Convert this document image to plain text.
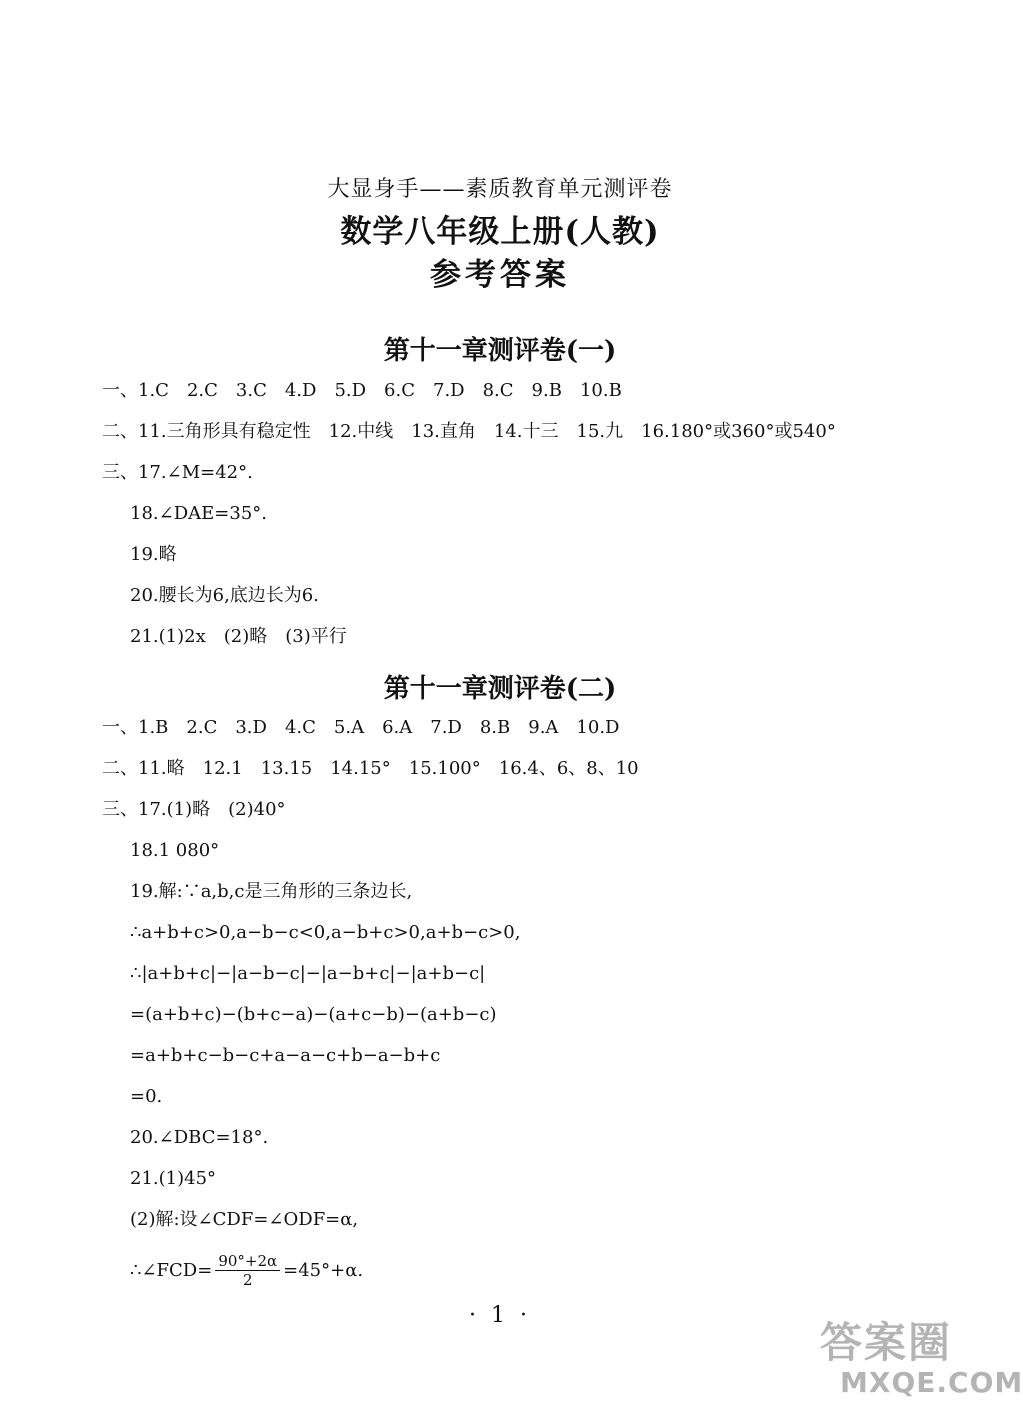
大显身手——素质教育单元测评卷
数学八年级上册(人教)
参考答案
第十一章测评卷(一)
一、1.C　2.C　3.C　4.D　5.D　6.C　7.D　8.C　9.B　10.B
二、11.三角形具有稳定性　12.中线　13.直角　14.十三　15.九　16.180°或360°或540°
三、17.∠M=42°.
18.∠DAE=35°.
19.略
20.腰长为6,底边长为6.
21.(1)2x　(2)略　(3)平行
第十一章测评卷(二)
一、1.B　2.C　3.D　4.C　5.A　6.A　7.D　8.B　9.A　10.D
二、11.略　12.1　13.15　14.15°　15.100°　16.4、6、8、10
三、17.(1)略　(2)40°
18.1 080°
19.解:∵a,b,c是三角形的三条边长,
∴a+b+c>0,a−b−c<0,a−b+c>0,a+b−c>0,
∴|a+b+c|−|a−b−c|−|a−b+c|−|a+b−c|
=(a+b+c)−(b+c−a)−(a+c−b)−(a+b−c)
=a+b+c−b−c+a−a−c+b−a−b+c
=0.
20.∠DBC=18°.
21.(1)45°
(2)解:设∠CDF=∠ODF=α,
∴∠FCD= $\frac{90^\circ+2\alpha}{2} =45^\circ+\alpha$.
· 1 ·
答案圈
MXQE.COM
